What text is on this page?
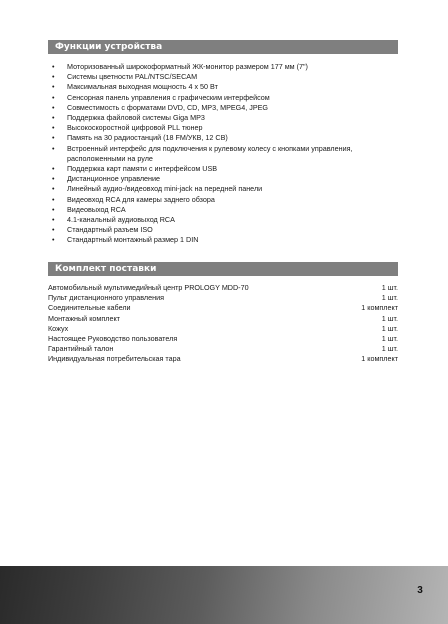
Функции устройства
• Моторизованный широкоформатный ЖК-монитор размером 177 мм (7")
• Системы цветности PAL/NTSC/SECAM
• Максимальная выходная мощность 4 x 50 Вт
• Сенсорная панель управления с графическим интерфейсом
• Совместимость с форматами DVD, CD, MP3, MPEG4, JPEG
• Поддержка файловой системы Giga MP3
• Высокоскоростной цифровой PLL тюнер
• Память на 30 радиостанций (18 FM/УКВ, 12 СВ)
• Встроенный интерфейс для подключения к рулевому колесу с кнопками управления, расположенными на руле
• Поддержка карт памяти с интерфейсом USB
• Дистанционное управление
• Линейный аудио-/видеовход mini-jack на передней панели
• Видеовход RCA для камеры заднего обзора
• Видеовыход RCA
• 4.1-канальный аудиовыход RCA
• Стандартный разъем ISO
• Стандартный монтажный размер 1 DIN
Комплект поставки
Автомобильный мультимедийный центр PROLOGY MDD-70	1 шт.
Пульт дистанционного управления	1 шт.
Соединительные кабели	1 комплект
Монтажный комплект	1 шт.
Кожух	1 шт.
Настоящее Руководство пользователя	1 шт.
Гарантийный талон	1 шт.
Индивидуальная потребительская тара	1 комплект
3
